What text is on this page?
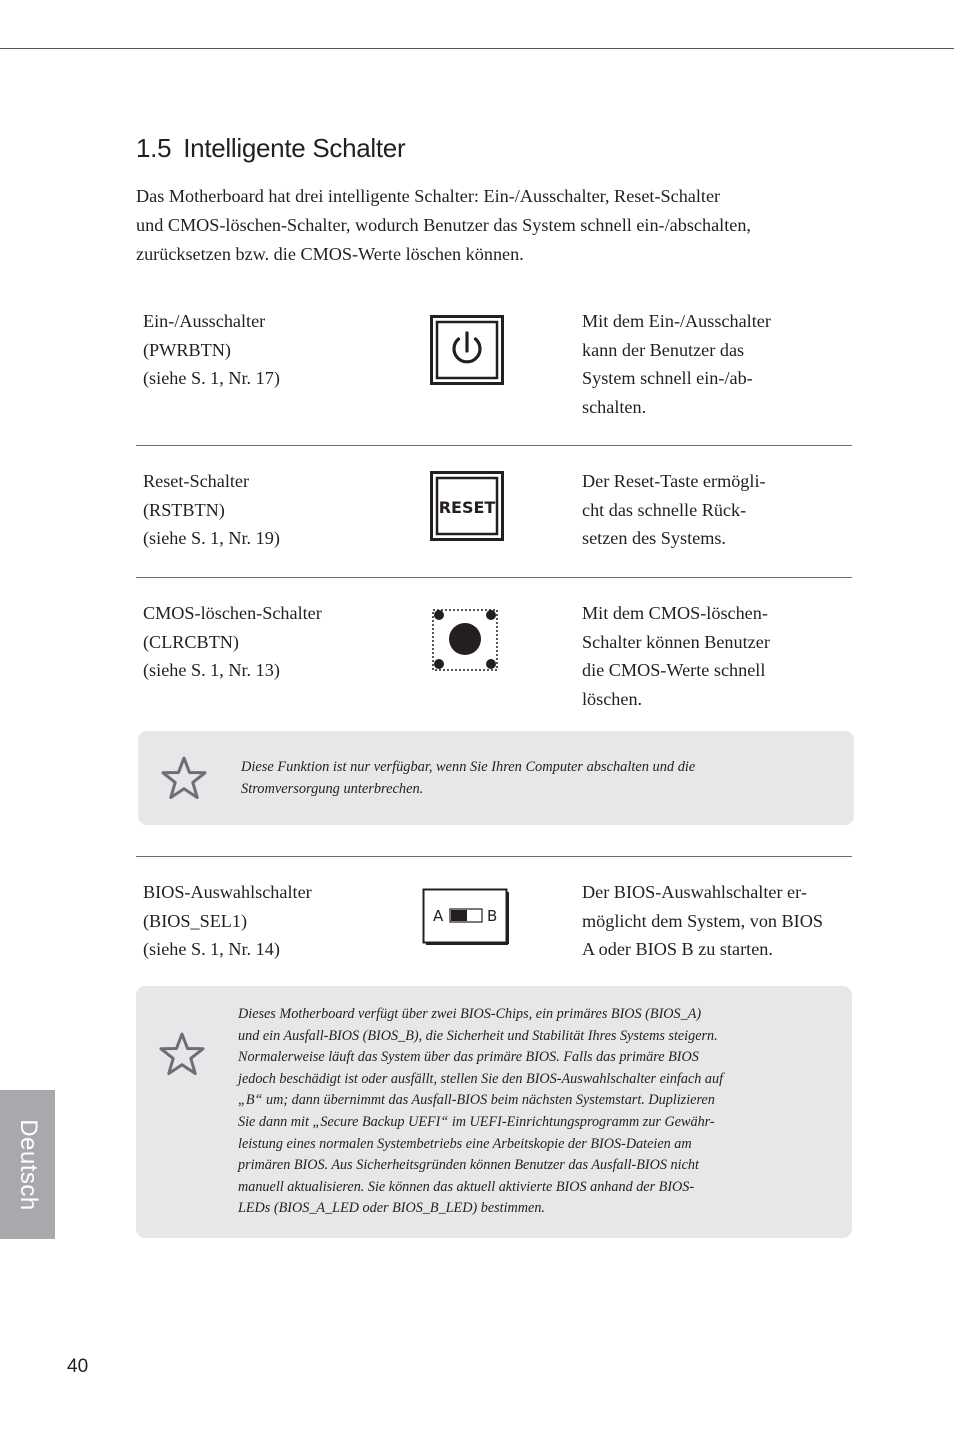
1.5 Intelligente Schalter

Das Motherboard hat drei intelligente Schalter: Ein-/Ausschalter, Reset-Schalter
und CMOS-löschen-Schalter, wodurch Benutzer das System schnell ein-/abschalten,
zurücksetzen bzw. die CMOS-Werte löschen können.

Ein-/Ausschalter
(PWRBTN)
(siehe S. 1, Nr. 17)
Mit dem Ein-/Ausschalter
kann der Benutzer das
System schnell ein-/ab-
schalten.
Reset-Schalter
(RSTBTN)
(siehe S. 1, Nr. 19)
RESET
Der Reset-Taste ermögli-
cht das schnelle Rück-
setzen des Systems.
CMOS-löschen-Schalter
(CLRCBTN)
(siehe S. 1, Nr. 13)
Mit dem CMOS-löschen-
Schalter können Benutzer
die CMOS-Werte schnell
löschen.

Diese Funktion ist nur verfügbar, wenn Sie Ihren Computer abschalten und die
Stromversorgung unterbrechen.

BIOS-Auswahlschalter
(BIOS_SEL1)
(siehe S. 1, Nr. 14)
A	B
Der BIOS-Auswahlschalter er-
möglicht dem System, von BIOS
A oder BIOS B zu starten.

Dieses Motherboard verfügt über zwei BIOS-Chips, ein primäres BIOS (BIOS_A)
und ein Ausfall-BIOS (BIOS_B), die Sicherheit und Stabilität Ihres Systems steigern.
Normalerweise läuft das System über das primäre BIOS. Falls das primäre BIOS
jedoch beschädigt ist oder ausfällt, stellen Sie den BIOS-Auswahlschalter einfach auf
„B“ um; dann übernimmt das Ausfall-BIOS beim nächsten Systemstart. Duplizieren
Sie dann mit „Secure Backup UEFI“ im UEFI-Einrichtungsprogramm zur Gewähr-
leistung eines normalen Systembetriebs eine Arbeitskopie der BIOS-Dateien am
primären BIOS. Aus Sicherheitsgründen können Benutzer das Ausfall-BIOS nicht
manuell aktualisieren. Sie können das aktuell aktivierte BIOS anhand der BIOS-
LEDs (BIOS_A_LED oder BIOS_B_LED) bestimmen.

Deutsch
40
